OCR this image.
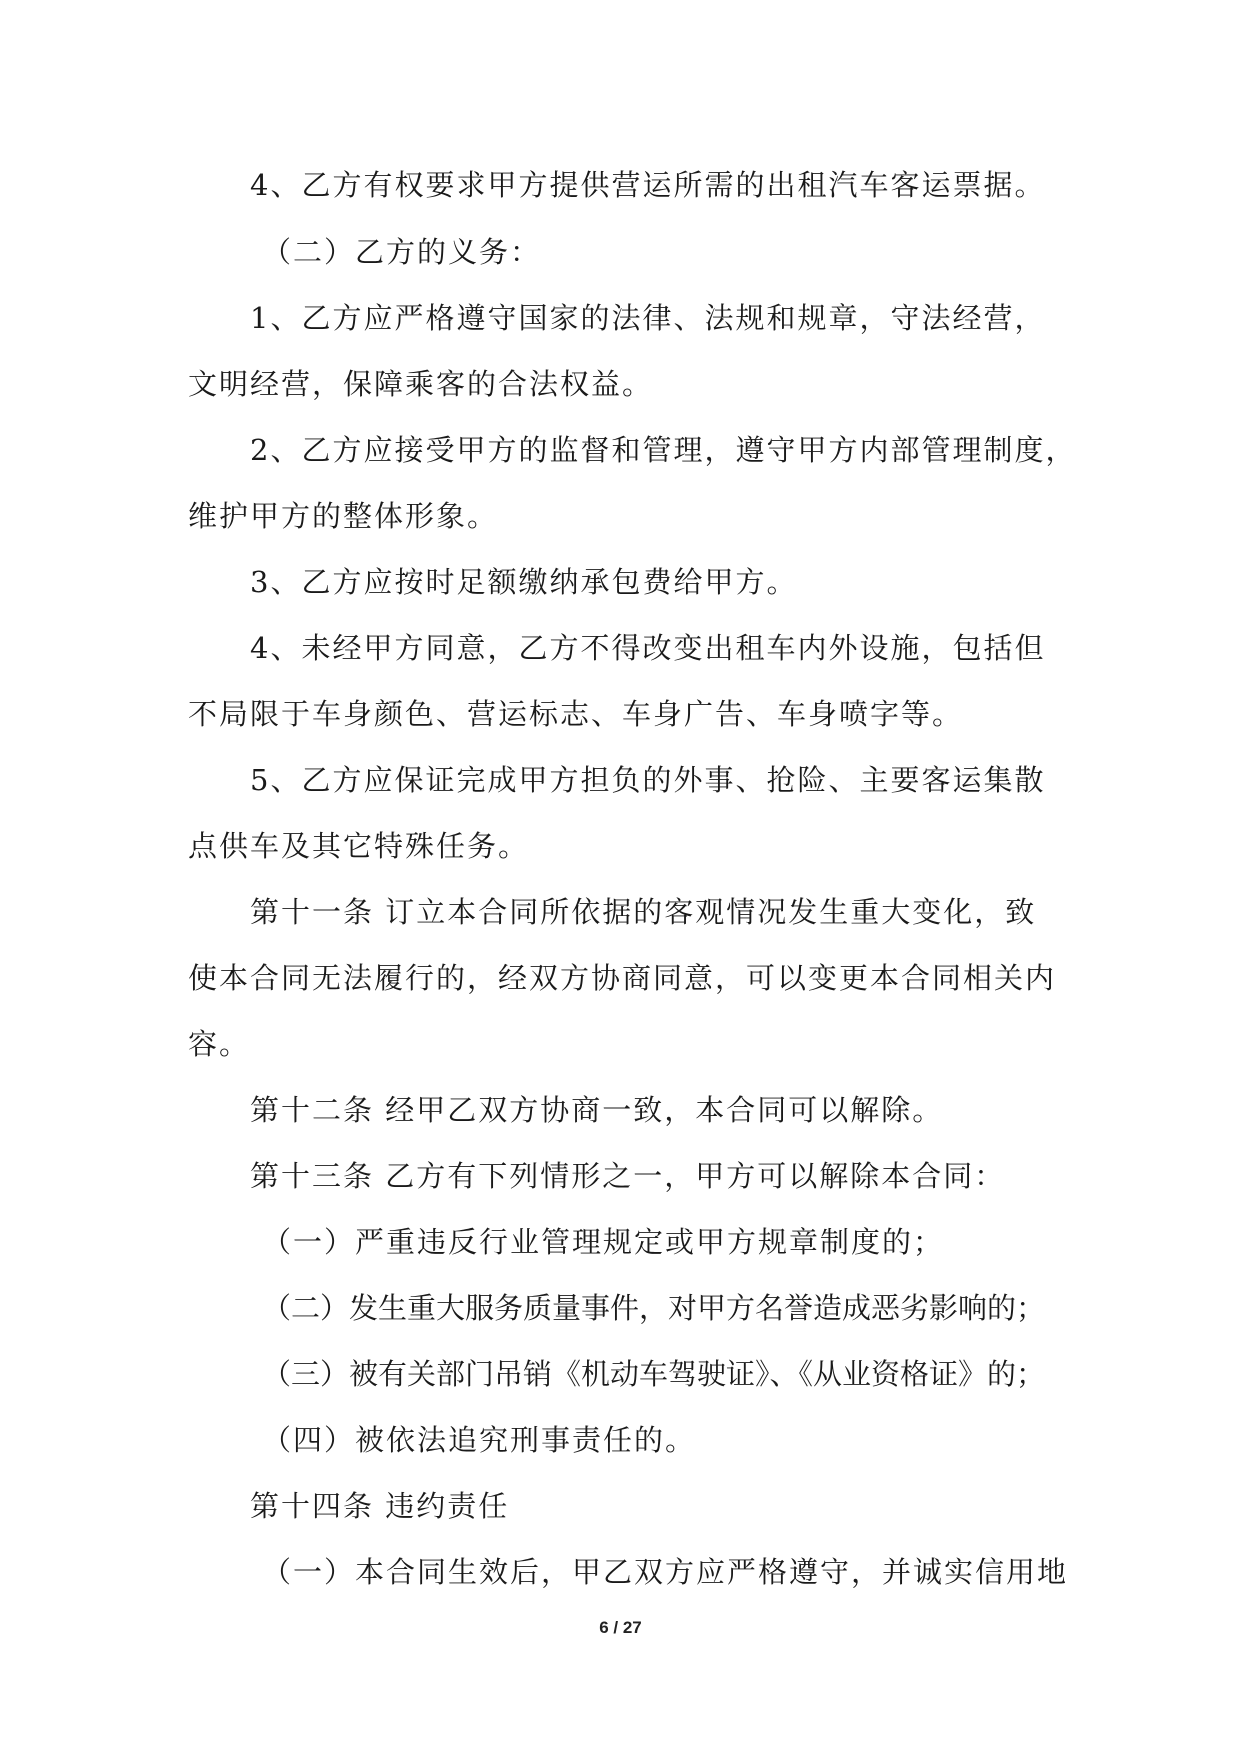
4、乙方有权要求甲方提供营运所需的出租汽车客运票据。
（二）乙方的义务：
1、乙方应严格遵守国家的法律、法规和规章，守法经营，
文明经营，保障乘客的合法权益。
2、乙方应接受甲方的监督和管理，遵守甲方内部管理制度，
维护甲方的整体形象。
3、乙方应按时足额缴纳承包费给甲方。
4、未经甲方同意，乙方不得改变出租车内外设施，包括但
不局限于车身颜色、营运标志、车身广告、车身喷字等。
5、乙方应保证完成甲方担负的外事、抢险、主要客运集散
点供车及其它特殊任务。
第十一条 订立本合同所依据的客观情况发生重大变化，致
使本合同无法履行的，经双方协商同意，可以变更本合同相关内
容。
第十二条 经甲乙双方协商一致，本合同可以解除。
第十三条 乙方有下列情形之一，甲方可以解除本合同：
（一）严重违反行业管理规定或甲方规章制度的；
（二）发生重大服务质量事件，对甲方名誉造成恶劣影响的；
（三）被有关部门吊销《机动车驾驶证》、《从业资格证》的；
（四）被依法追究刑事责任的。
第十四条 违约责任
（一）本合同生效后，甲乙双方应严格遵守，并诚实信用地
6 / 27
